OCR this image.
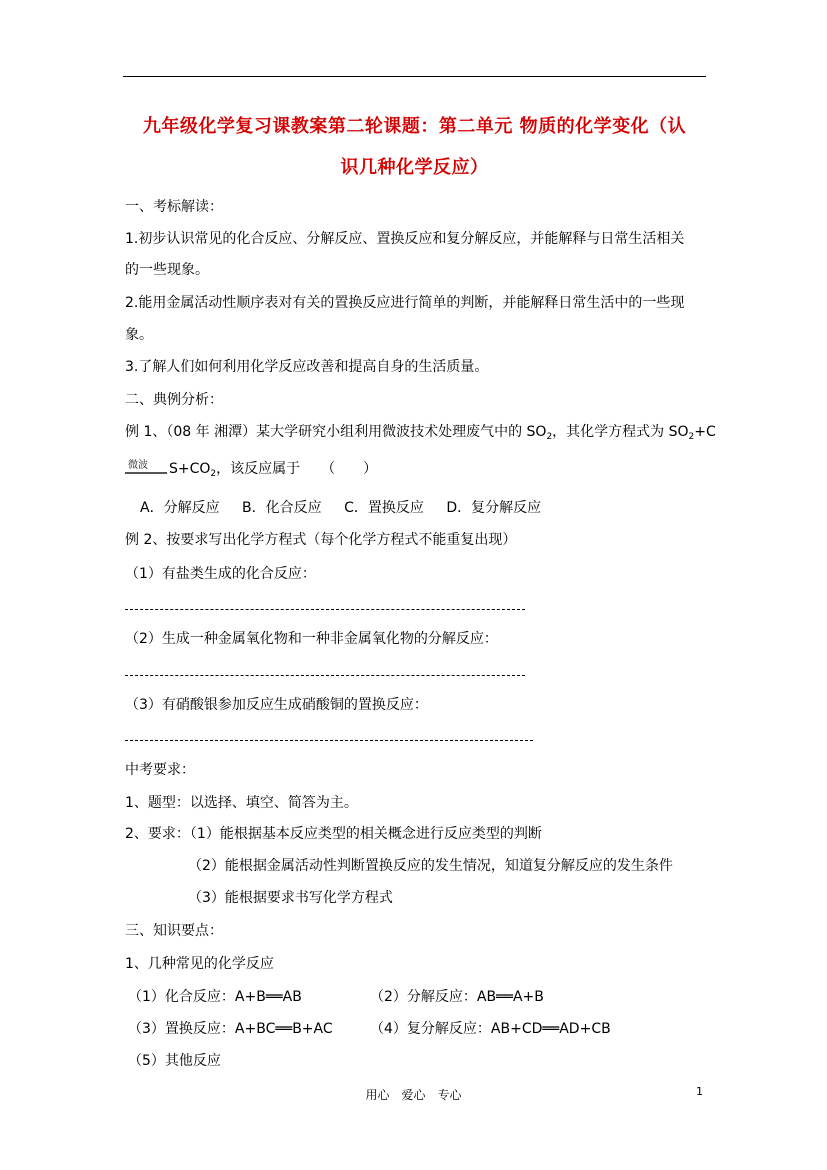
九年级化学复习课教案第二轮课题：第二单元 物质的化学变化（认
识几种化学反应）
一、考标解读：
1.初步认识常见的化合反应、分解反应、置换反应和复分解反应，并能解释与日常生活相关
的一些现象。
2.能用金属活动性顺序表对有关的置换反应进行简单的判断，并能解释日常生活中的一些现
象。
3.了解人们如何利用化学反应改善和提高自身的生活质量。
二、典例分析：
例 1、（08 年 湘潭）某大学研究小组利用微波技术处理废气中的 $SO_2$，其化学方程式为 $SO_2+C$
微波 $S+CO_2$，该反应属于　　（　　）
A．分解反应 B．化合反应 C．置换反应 D．复分解反应
例 2、按要求写出化学方程式（每个化学方程式不能重复出现）
（1）有盐类生成的化合反应：
（2）生成一种金属氧化物和一种非金属氧化物的分解反应：
（3）有硝酸银参加反应生成硝酸铜的置换反应：
中考要求：
1、题型：以选择、填空、简答为主。
2、要求：（1）能根据基本反应类型的相关概念进行反应类型的判断
（2）能根据金属活动性判断置换反应的发生情况，知道复分解反应的发生条件
（3）能根据要求书写化学方程式
三、知识要点：
1、几种常见的化学反应
（1）化合反应：A+B══AB	（2）分解反应：AB══A+B
（3）置换反应：A+BC══B+AC	（4）复分解反应：AB+CD══AD+CB
（5）其他反应
用心　爱心　专心	1
